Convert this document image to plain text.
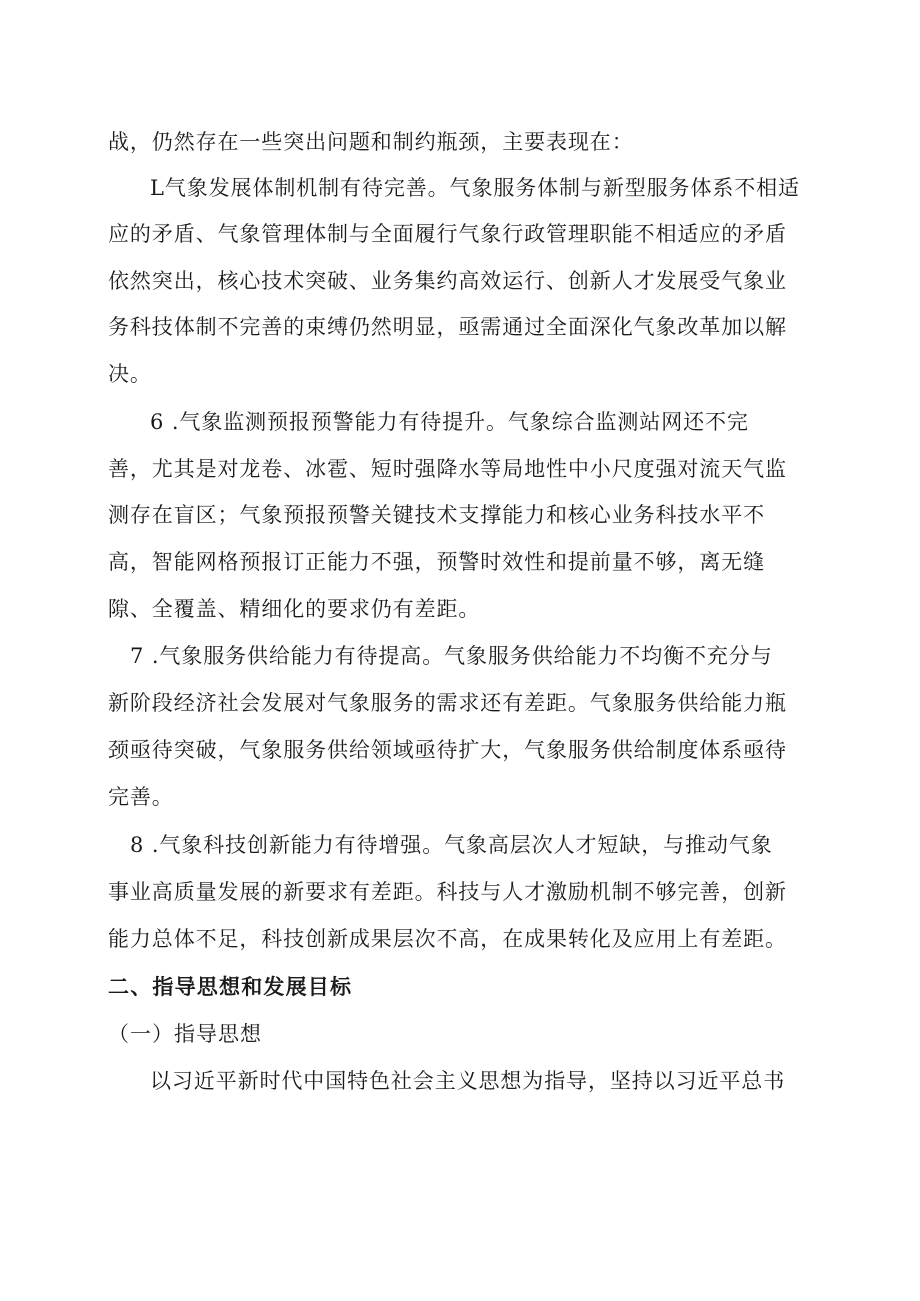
战，仍然存在一些突出问题和制约瓶颈，主要表现在：

L气象发展体制机制有待完善。气象服务体制与新型服务体系不相适

应的矛盾、气象管理体制与全面履行气象行政管理职能不相适应的矛盾

依然突出，核心技术突破、业务集约高效运行、创新人才发展受气象业

务科技体制不完善的束缚仍然明显，亟需通过全面深化气象改革加以解

决。

6 .气象监测预报预警能力有待提升。气象综合监测站网还不完

善，尤其是对龙卷、冰雹、短时强降水等局地性中小尺度强对流天气监

测存在盲区；气象预报预警关键技术支撑能力和核心业务科技水平不

高，智能网格预报订正能力不强，预警时效性和提前量不够，离无缝

隙、全覆盖、精细化的要求仍有差距。

7 .气象服务供给能力有待提高。气象服务供给能力不均衡不充分与

新阶段经济社会发展对气象服务的需求还有差距。气象服务供给能力瓶

颈亟待突破，气象服务供给领域亟待扩大，气象服务供给制度体系亟待

完善。

8 .气象科技创新能力有待增强。气象高层次人才短缺，与推动气象

事业高质量发展的新要求有差距。科技与人才激励机制不够完善，创新

能力总体不足，科技创新成果层次不高，在成果转化及应用上有差距。

二、指导思想和发展目标

（一）指导思想

以习近平新时代中国特色社会主义思想为指导，坚持以习近平总书
